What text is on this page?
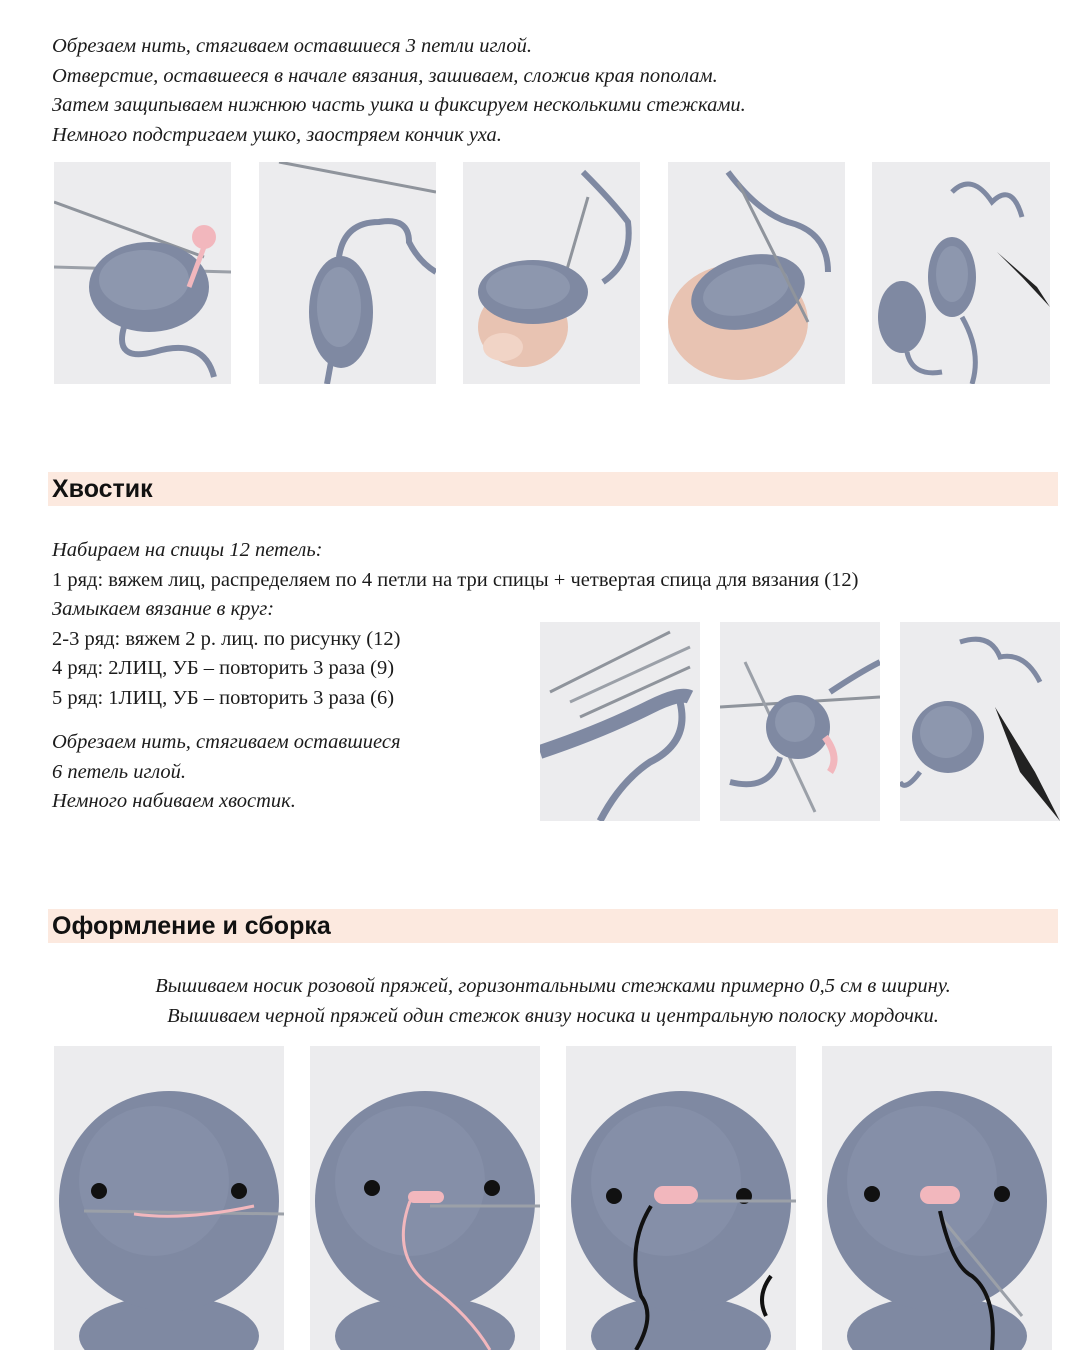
Обрезаем нить, стягиваем оставшиеся 3 петли иглой.
Отверстие, оставшееся в начале вязания, зашиваем, сложив края пополам.
Затем защипываем нижнюю часть ушка и фиксируем несколькими стежками.
Немного подстригаем ушко, заостряем кончик уха.
Хвостик
Набираем на спицы 12 петель:
1 ряд: вяжем лиц, распределяем по 4 петли на три спицы + четвертая спица для вязания (12)
Замыкаем вязание в круг:
2-3 ряд: вяжем 2 р. лиц. по рисунку (12)
4 ряд: 2ЛИЦ, УБ – повторить 3 раза (9)
5 ряд: 1ЛИЦ, УБ – повторить 3 раза (6)
Обрезаем нить, стягиваем оставшиеся
6 петель иглой.
Немного набиваем хвостик.
Оформление и сборка
Вышиваем носик розовой пряжей, горизонтальными стежками примерно 0,5 см в ширину.
Вышиваем черной пряжей один стежок внизу носика и центральную полоску мордочки.
